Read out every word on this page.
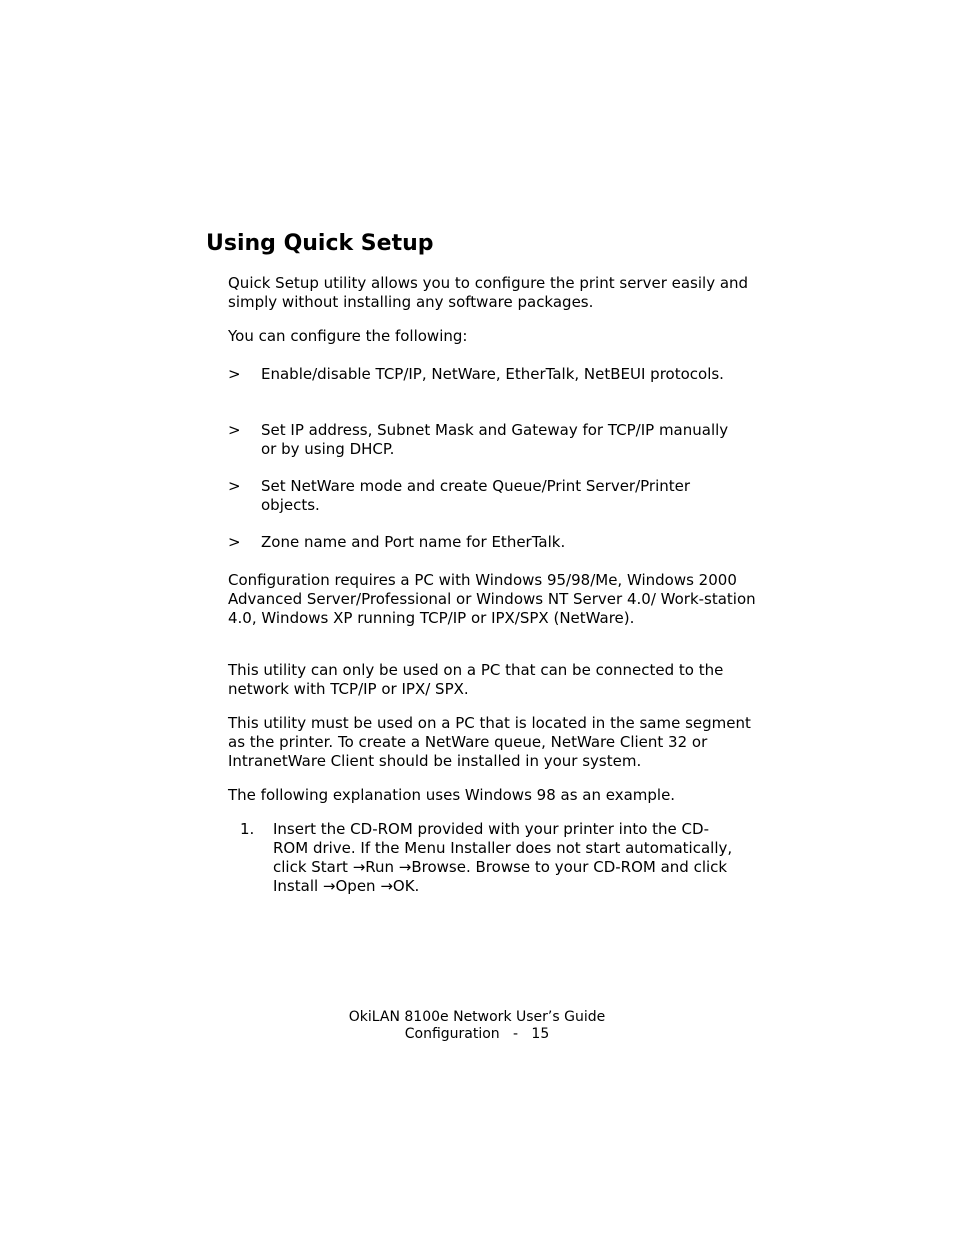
Using Quick Setup

Quick Setup utility allows you to configure the print server easily and simply without installing any software packages.

You can configure the following:

> Enable/disable TCP/IP, NetWare, EtherTalk, NetBEUI protocols.
> Set IP address, Subnet Mask and Gateway for TCP/IP manually or by using DHCP.
> Set NetWare mode and create Queue/Print Server/Printer objects.
> Zone name and Port name for EtherTalk.

Configuration requires a PC with Windows 95/98/Me, Windows 2000 Advanced Server/Professional or Windows NT Server 4.0/ Work-station 4.0, Windows XP running TCP/IP or IPX/SPX (NetWare).

This utility can only be used on a PC that can be connected to the network with TCP/IP or IPX/ SPX.

This utility must be used on a PC that is located in the same segment as the printer. To create a NetWare queue, NetWare Client 32 or IntranetWare Client should be installed in your system.

The following explanation uses Windows 98 as an example.

1. Insert the CD-ROM provided with your printer into the CD-ROM drive. If the Menu Installer does not start automatically, click Start →Run →Browse. Browse to your CD-ROM and click Install →Open →OK.
OkiLAN 8100e Network User’s Guide
Configuration   -   15
